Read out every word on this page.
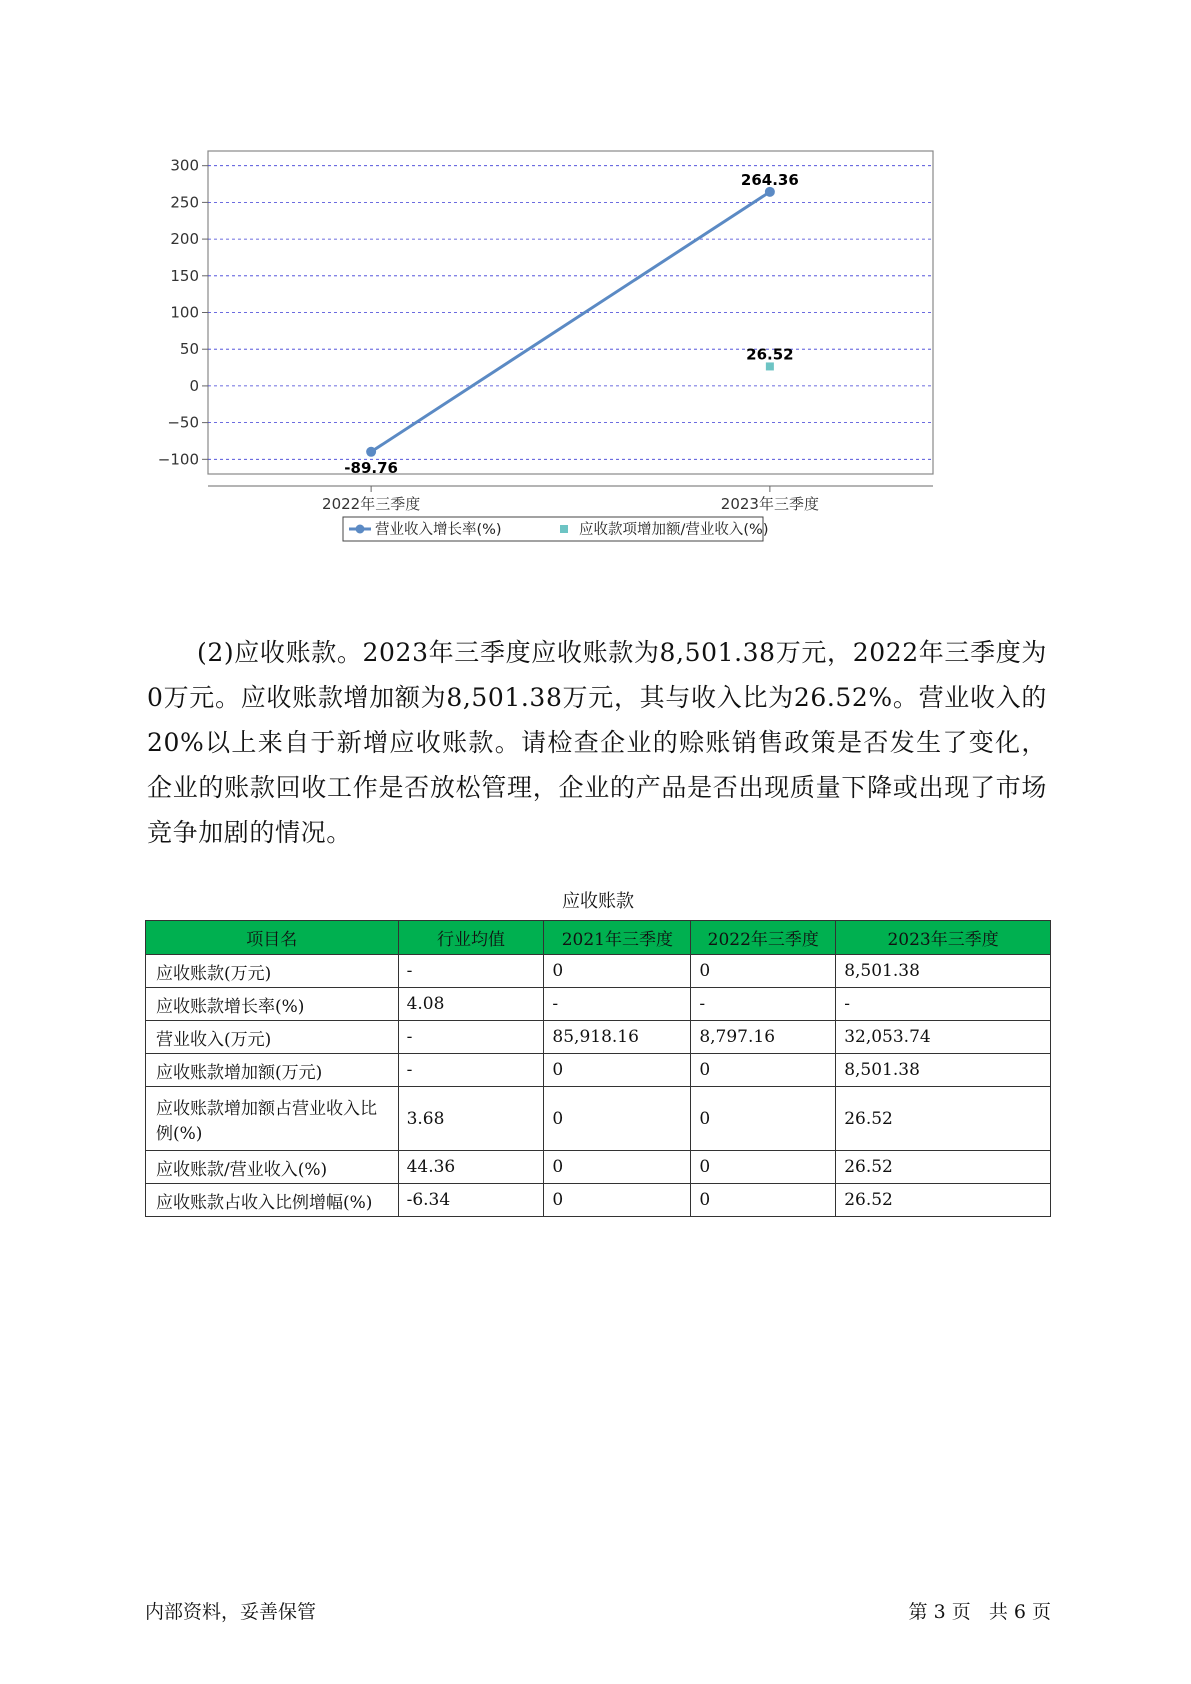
300
250
200
150
100
50
0
−50
−100
2022年三季度	2023年三季度
-89.76
264.36
26.52
营业收入增长率(%)	应收款项增加额/营业收入(%)

(2)应收账款。2023年三季度应收账款为8,501.38万元，2022年三季度为0万元。应收账款增加额为8,501.38万元，其与收入比为26.52%。营业收入的20%以上来自于新增应收账款。请检查企业的赊账销售政策是否发生了变化，企业的账款回收工作是否放松管理，企业的产品是否出现质量下降或出现了市场竞争加剧的情况。

应收账款
项目名	行业均值	2021年三季度	2022年三季度	2023年三季度
应收账款(万元)	-	0	0	8,501.38
应收账款增长率(%)	4.08	-	-	-
营业收入(万元)	-	85,918.16	8,797.16	32,053.74
应收账款增加额(万元)	-	0	0	8,501.38
应收账款增加额占营业收入比例(%)	3.68	0	0	26.52
应收账款/营业收入(%)	44.36	0	0	26.52
应收账款占收入比例增幅(%)	-6.34	0	0	26.52
内部资料，妥善保管	第 3 页   共 6 页
